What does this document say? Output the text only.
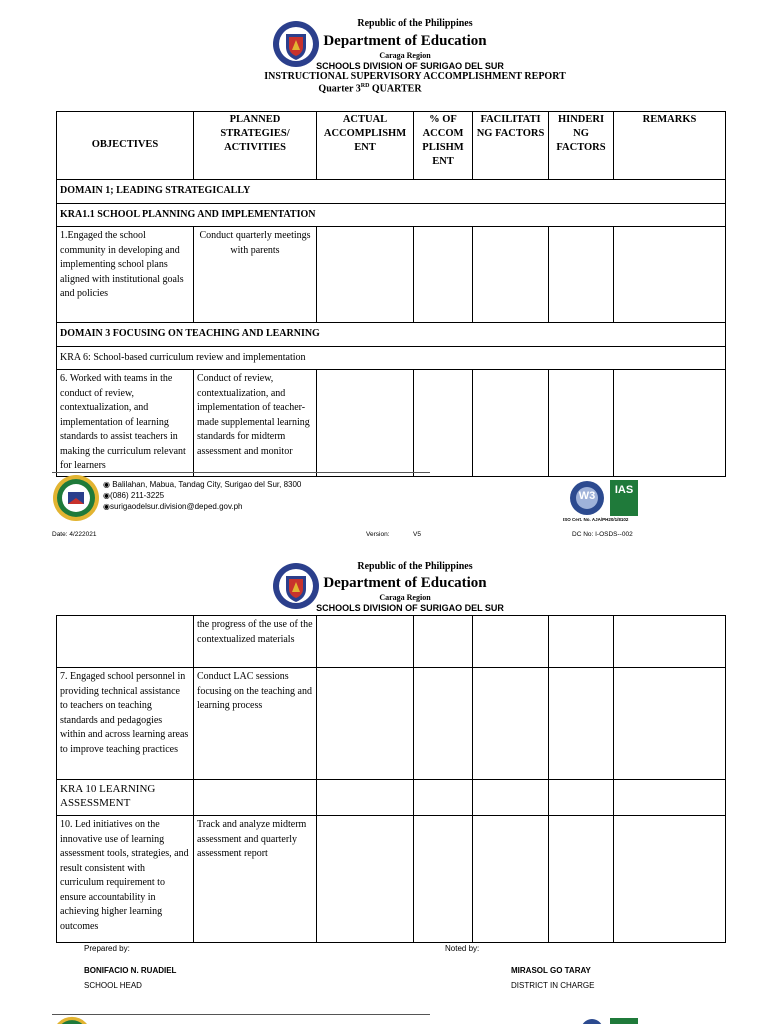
Republic of the Philippines
Department of Education
Caraga Region
SCHOOLS DIVISION OF SURIGAO DEL SUR
INSTRUCTIONAL SUPERVISORY ACCOMPLISHMENT REPORT
Quarter 3RD QUARTER
OBJECTIVES	PLANNED STRATEGIES/ ACTIVITIES	ACTUAL ACCOMPLISHM ENT	% OF ACCOM PLISHM ENT	FACILITATI NG FACTORS	HINDERI NG FACTORS	REMARKS
DOMAIN 1; LEADING STRATEGICALLY						
KRA1.1 SCHOOL PLANNING AND IMPLEMENTATION						
1.Engaged the school community in developing and implementing school plans aligned with institutional goals and policies	Conduct quarterly meetings with parents					
DOMAIN 3 FOCUSING ON TEACHING AND LEARNING						
KRA 6: School-based curriculum review and implementation						
6. Worked with teams in the conduct of review, contextualization, and implementation of learning standards to assist teachers in making the curriculum relevant for learners	Conduct of review, contextualization, and implementation of teacher-made supplemental learning standards for midterm assessment and monitor					
◉ Balilahan, Mabua, Tandag City, Surigao del Sur, 8300
◉(086) 211-3225
◉surigaodelsur.division@deped.gov.ph
W3	IAS
ISO Cert. No. AJA/PH20/1/8102
Date: 4/222021	Version:	V5	DC No: I-OSDS--002
Republic of the Philippines
Department of Education
Caraga Region
SCHOOLS DIVISION OF SURIGAO DEL SUR
	the progress of the use of the contextualized materials					
7. Engaged school personnel in providing technical assistance to teachers on teaching standards and pedagogies within and across learning areas to improve teaching practices	Conduct LAC sessions focusing on the teaching and learning process					
KRA 10 LEARNING ASSESSMENT						
10. Led initiatives on the innovative use of learning assessment tools, strategies, and result consistent with curriculum requirement to ensure accountability in achieving higher learning outcomes	Track and analyze midterm assessment and quarterly assessment report					
Prepared by:	Noted by:
BONIFACIO N. RUADIEL
SCHOOL HEAD
MIRASOL GO TARAY
DISTRICT IN CHARGE
